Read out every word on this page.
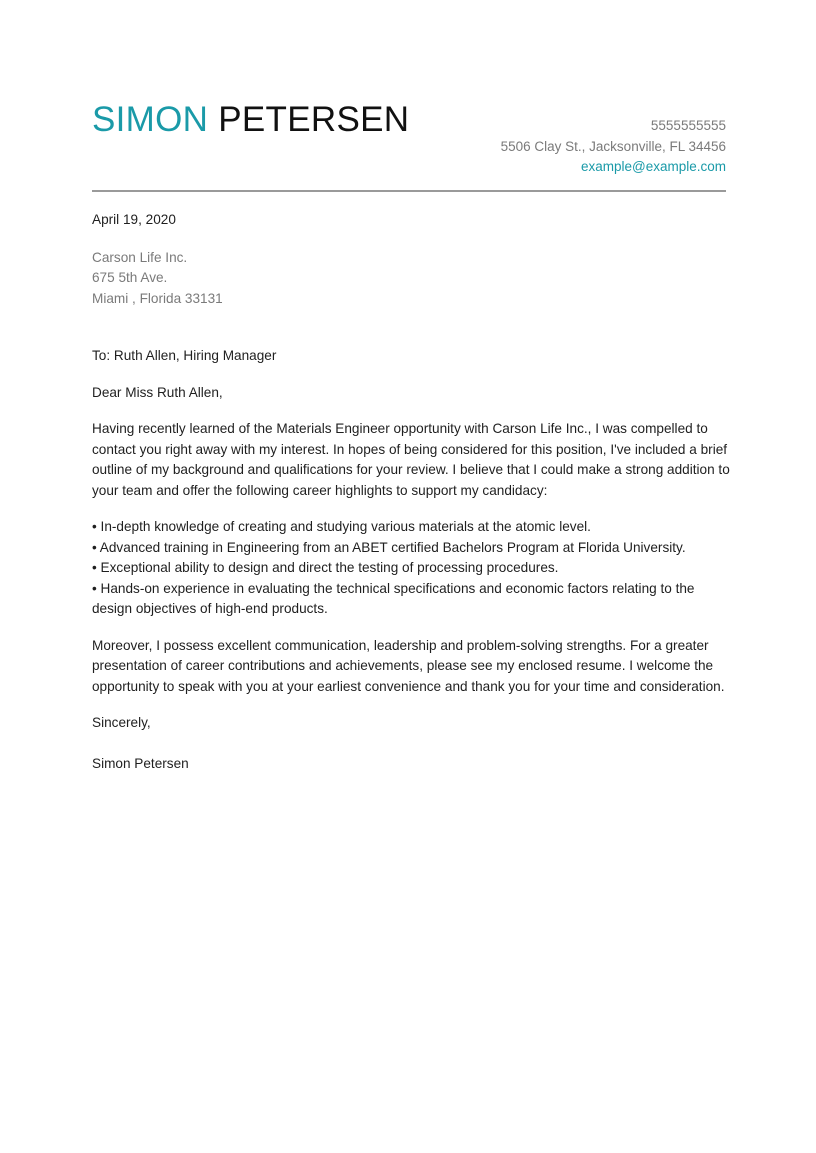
SIMON PETERSEN	5555555555
5506 Clay St., Jacksonville, FL 34456
example@example.com
April 19, 2020
Carson Life Inc.
675 5th Ave.
Miami , Florida 33131
To: Ruth Allen, Hiring Manager
Dear Miss Ruth Allen,
Having recently learned of the Materials Engineer opportunity with Carson Life Inc., I was compelled to contact you right away with my interest. In hopes of being considered for this position, I've included a brief outline of my background and qualifications for your review. I believe that I could make a strong addition to your team and offer the following career highlights to support my candidacy:
• In-depth knowledge of creating and studying various materials at the atomic level.
• Advanced training in Engineering from an ABET certified Bachelors Program at Florida University.
• Exceptional ability to design and direct the testing of processing procedures.
• Hands-on experience in evaluating the technical specifications and economic factors relating to the design objectives of high-end products.
Moreover, I possess excellent communication, leadership and problem-solving strengths. For a greater presentation of career contributions and achievements, please see my enclosed resume. I welcome the opportunity to speak with you at your earliest convenience and thank you for your time and consideration.
Sincerely,
Simon Petersen
